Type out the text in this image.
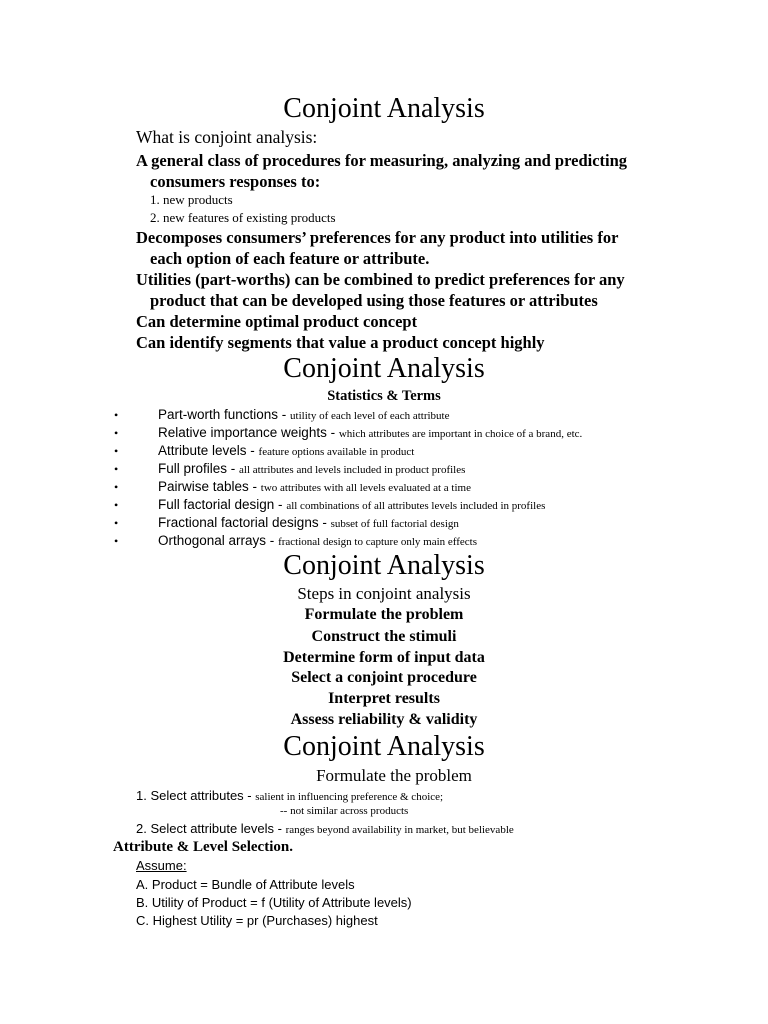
Conjoint Analysis
What is conjoint analysis:
A general class of procedures for measuring, analyzing and predicting
consumers responses to:
1. new products
2. new features of existing products
Decomposes consumers’ preferences for any product into utilities for
each option of each feature or attribute.
Utilities (part-worths) can be combined to predict preferences for any
product that can be developed using those features or attributes
Can determine optimal product concept
Can identify segments that value a product concept highly
Conjoint Analysis
Statistics & Terms
•	Part-worth functions - utility of each level of each attribute
•	Relative importance weights - which attributes are important in choice of a brand, etc.
•	Attribute levels - feature options available in product
•	Full profiles - all attributes and levels included in product profiles
•	Pairwise tables - two attributes with all levels evaluated at a time
•	Full factorial design - all combinations of all attributes levels included in profiles
•	Fractional factorial designs - subset of full factorial design
•	Orthogonal arrays - fractional design to capture only main effects
Conjoint Analysis
Steps in conjoint analysis
Formulate the problem
Construct the stimuli
Determine form of input data
Select a conjoint procedure
Interpret results
Assess reliability & validity
Conjoint Analysis
Formulate the problem
1. Select attributes - salient in influencing preference & choice;
-- not similar across products
2. Select attribute levels - ranges beyond availability in market, but believable
Attribute & Level Selection.
Assume:
A. Product = Bundle of Attribute levels
B. Utility of Product = f (Utility of Attribute levels)
C. Highest Utility = pr (Purchases) highest
